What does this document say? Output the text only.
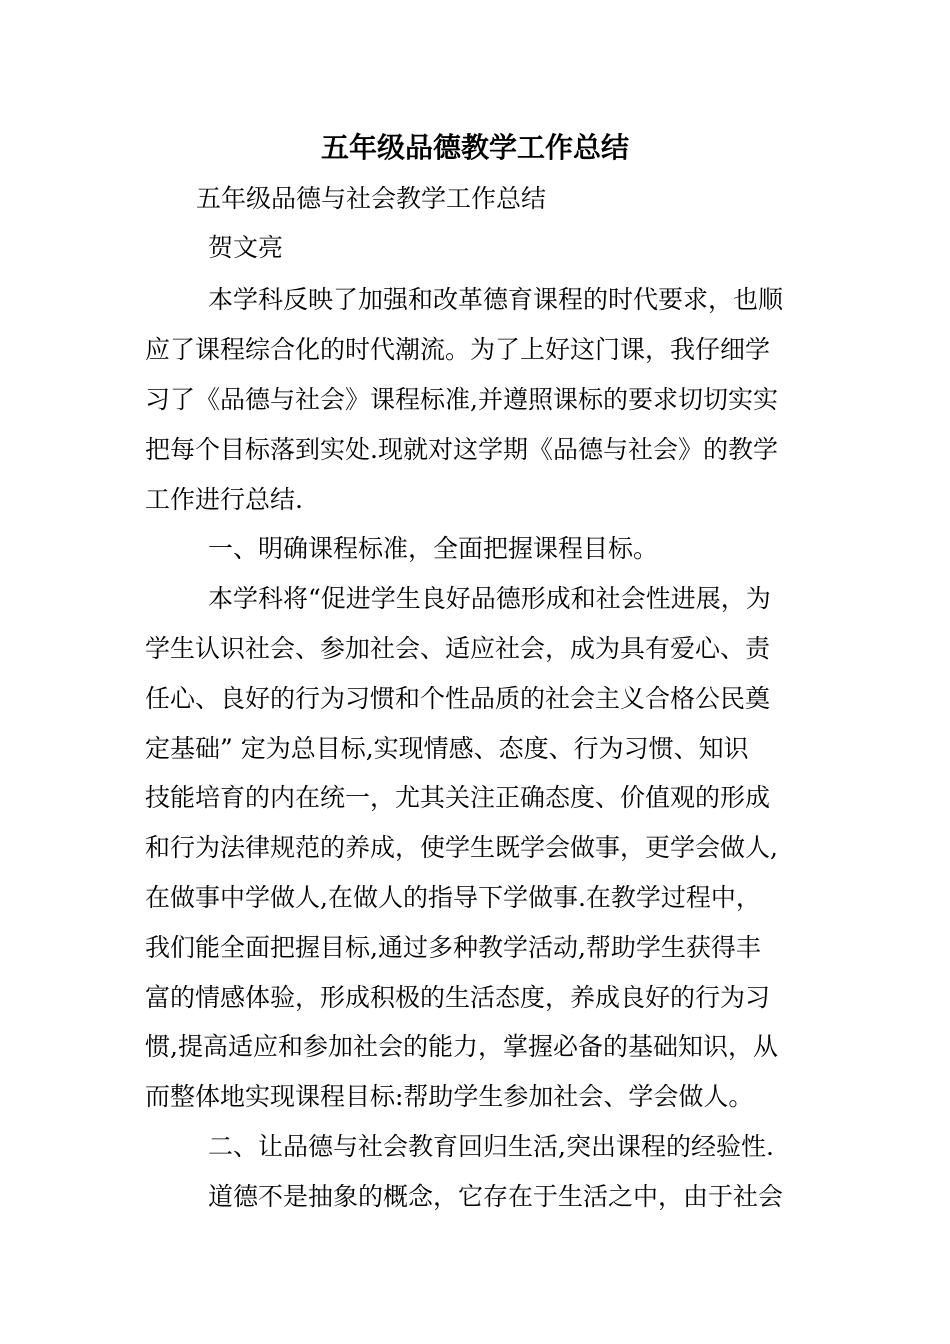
五年级品德教学工作总结
五年级品德与社会教学工作总结
贺文亮
本学科反映了加强和改革德育课程的时代要求，也顺
应了课程综合化的时代潮流。为了上好这门课，我仔细学
习了《品德与社会》课程标准,并遵照课标的要求切切实实
把每个目标落到实处.现就对这学期《品德与社会》的教学
工作进行总结.
一、明确课程标准，全面把握课程目标。
本学科将“促进学生良好品德形成和社会性进展，为
学生认识社会、参加社会、适应社会，成为具有爱心、责
任心、良好的行为习惯和个性品质的社会主义合格公民奠
定基础” 定为总目标,实现情感、态度、行为习惯、知识
技能培育的内在统一，尤其关注正确态度、价值观的形成
和行为法律规范的养成，使学生既学会做事，更学会做人,
在做事中学做人,在做人的指导下学做事.在教学过程中，
我们能全面把握目标,通过多种教学活动,帮助学生获得丰
富的情感体验，形成积极的生活态度，养成良好的行为习
惯,提高适应和参加社会的能力，掌握必备的基础知识，从
而整体地实现课程目标:帮助学生参加社会、学会做人。
二、让品德与社会教育回归生活,突出课程的经验性.
道德不是抽象的概念，它存在于生活之中，由于社会
